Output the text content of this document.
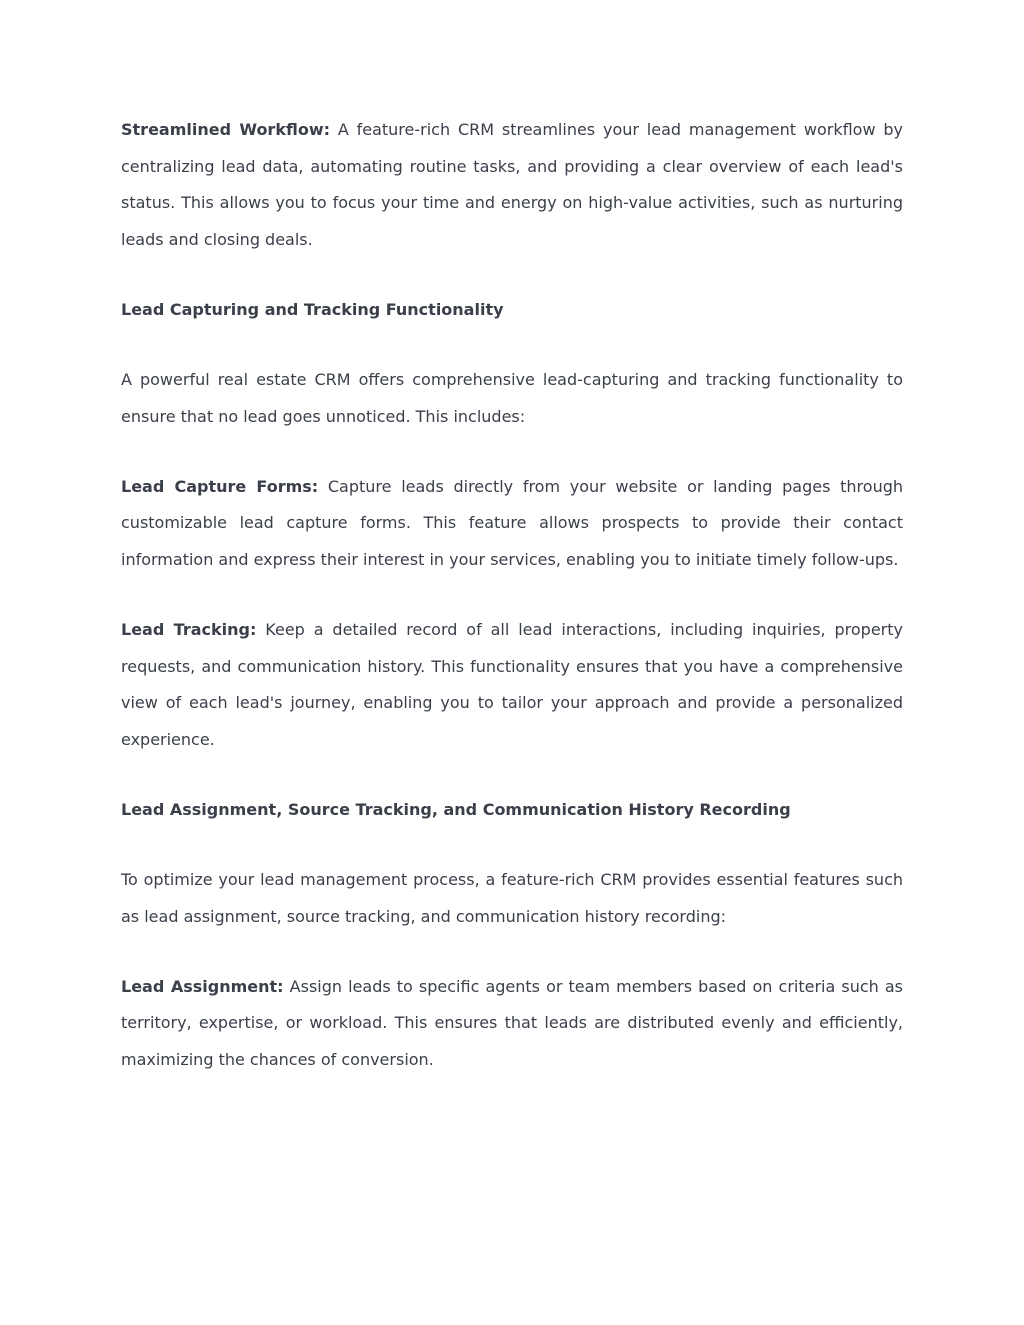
Streamlined Workflow: A feature-rich CRM streamlines your lead management workflow by centralizing lead data, automating routine tasks, and providing a clear overview of each lead's status. This allows you to focus your time and energy on high-value activities, such as nurturing leads and closing deals.

Lead Capturing and Tracking Functionality

A powerful real estate CRM offers comprehensive lead-capturing and tracking functionality to ensure that no lead goes unnoticed. This includes:

Lead Capture Forms: Capture leads directly from your website or landing pages through customizable lead capture forms. This feature allows prospects to provide their contact information and express their interest in your services, enabling you to initiate timely follow-ups.

Lead Tracking: Keep a detailed record of all lead interactions, including inquiries, property requests, and communication history. This functionality ensures that you have a comprehensive view of each lead's journey, enabling you to tailor your approach and provide a personalized experience.

Lead Assignment, Source Tracking, and Communication History Recording

To optimize your lead management process, a feature-rich CRM provides essential features such as lead assignment, source tracking, and communication history recording:

Lead Assignment: Assign leads to specific agents or team members based on criteria such as territory, expertise, or workload. This ensures that leads are distributed evenly and efficiently, maximizing the chances of conversion.
